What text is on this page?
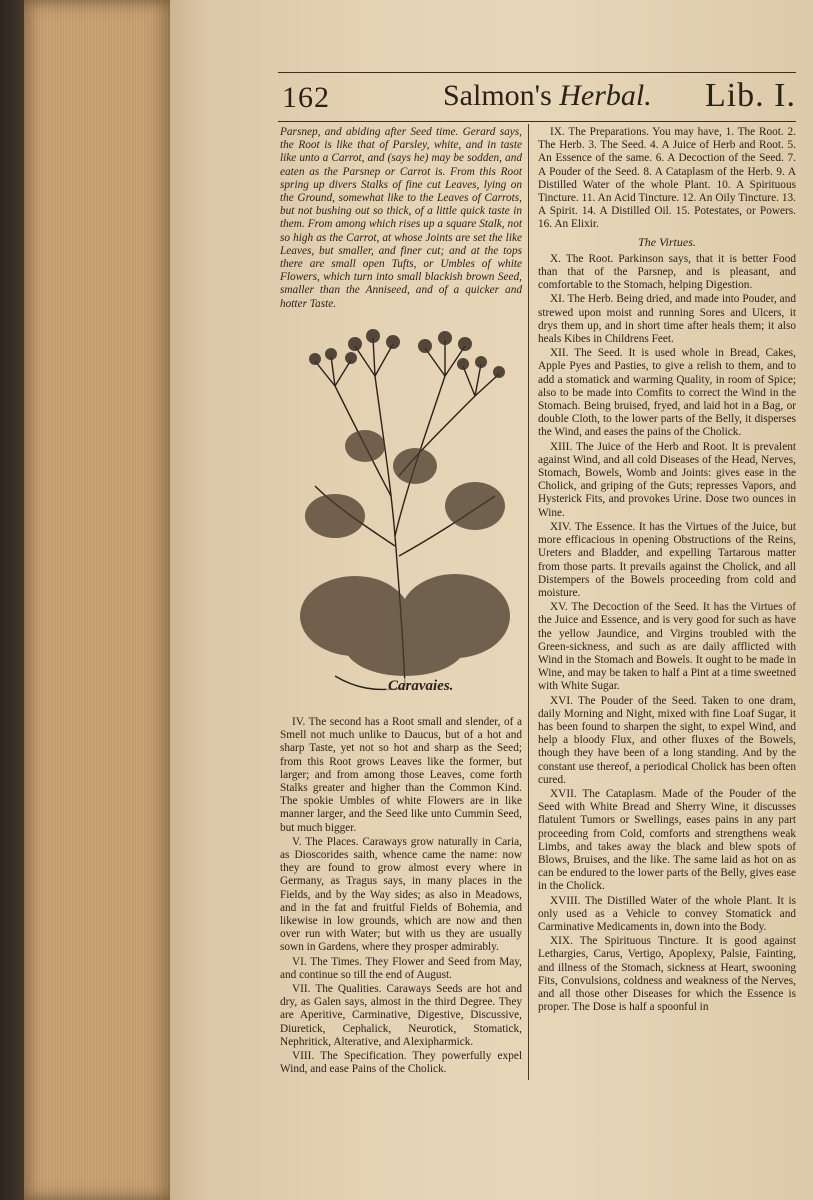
162	Salmon's Herbal. Lib. I.

Parsnep, and abiding after Seed time. Gerard says, the Root is like that of Parsley, white, and in taste like unto a Carrot, and (says he) may be sodden, and eaten as the Parsnep or Carrot is. From this Root spring up divers Stalks of fine cut Leaves, lying on the Ground, somewhat like to the Leaves of Carrots, but not bushing out so thick, of a little quick taste in them. From among which rises up a square Stalk, not so high as the Carrot, at whose Joints are set the like Leaves, but smaller, and finer cut; and at the tops there are small open Tufts, or Umbles of white Flowers, which turn into small blackish brown Seed, smaller than the Anniseed, and of a quicker and hotter Taste.

Caravaies.

IV. The second has a Root small and slender, of a Smell not much unlike to Daucus, but of a hot and sharp Taste, yet not so hot and sharp as the Seed; from this Root grows Leaves like the former, but larger; and from among those Leaves, come forth Stalks greater and higher than the Common Kind. The spokie Umbles of white Flowers are in like manner larger, and the Seed like unto Cummin Seed, but much bigger.

V. The Places. Caraways grow naturally in Caria, as Dioscorides saith, whence came the name: now they are found to grow almost every where in Germany, as Tragus says, in many places in the Fields, and by the Way sides; as also in Meadows, and in the fat and fruitful Fields of Bohemia, and likewise in low grounds, which are now and then over run with Water; but with us they are usually sown in Gardens, where they prosper admirably.

VI. The Times. They Flower and Seed from May, and continue so till the end of August.

VII. The Qualities. Caraways Seeds are hot and dry, as Galen says, almost in the third Degree. They are Aperitive, Carminative, Digestive, Discussive, Diuretick, Cephalick, Neurotick, Stomatick, Nephritick, Alterative, and Alexipharmick.

VIII. The Specification. They powerfully expel Wind, and ease Pains of the Cholick.

IX. The Preparations. You may have, 1. The Root. 2. The Herb. 3. The Seed. 4. A Juice of Herb and Root. 5. An Essence of the same. 6. A Decoction of the Seed. 7. A Pouder of the Seed. 8. A Cataplasm of the Herb. 9. A Distilled Water of the whole Plant. 10. A Spirituous Tincture. 11. An Acid Tincture. 12. An Oily Tincture. 13. A Spirit. 14. A Distilled Oil. 15. Potestates, or Powers. 16. An Elixir.

The Virtues.

X. The Root. Parkinson says, that it is better Food than that of the Parsnep, and is pleasant, and comfortable to the Stomach, helping Digestion.

XI. The Herb. Being dried, and made into Pouder, and strewed upon moist and running Sores and Ulcers, it drys them up, and in short time after heals them; it also heals Kibes in Childrens Feet.

XII. The Seed. It is used whole in Bread, Cakes, Apple Pyes and Pasties, to give a relish to them, and to add a stomatick and warming Quality, in room of Spice; also to be made into Comfits to correct the Wind in the Stomach. Being bruised, fryed, and laid hot in a Bag, or double Cloth, to the lower parts of the Belly, it disperses the Wind, and eases the pains of the Cholick.

XIII. The Juice of the Herb and Root. It is prevalent against Wind, and all cold Diseases of the Head, Nerves, Stomach, Bowels, Womb and Joints: gives ease in the Cholick, and griping of the Guts; represses Vapors, and Hysterick Fits, and provokes Urine. Dose two ounces in Wine.

XIV. The Essence. It has the Virtues of the Juice, but more efficacious in opening Obstructions of the Reins, Ureters and Bladder, and expelling Tartarous matter from those parts. It prevails against the Cholick, and all Distempers of the Bowels proceeding from cold and moisture.

XV. The Decoction of the Seed. It has the Virtues of the Juice and Essence, and is very good for such as have the yellow Jaundice, and Virgins troubled with the Green-sickness, and such as are daily afflicted with Wind in the Stomach and Bowels. It ought to be made in Wine, and may be taken to half a Pint at a time sweetned with White Sugar.

XVI. The Pouder of the Seed. Taken to one dram, daily Morning and Night, mixed with fine Loaf Sugar, it has been found to sharpen the sight, to expel Wind, and help a bloody Flux, and other fluxes of the Bowels, though they have been of a long standing. And by the constant use thereof, a periodical Cholick has been often cured.

XVII. The Cataplasm. Made of the Pouder of the Seed with White Bread and Sherry Wine, it discusses flatulent Tumors or Swellings, eases pains in any part proceeding from Cold, comforts and strengthens weak Limbs, and takes away the black and blew spots of Blows, Bruises, and the like. The same laid as hot on as can be endured to the lower parts of the Belly, gives ease in the Cholick.

XVIII. The Distilled Water of the whole Plant. It is only used as a Vehicle to convey Stomatick and Carminative Medicaments in, down into the Body.

XIX. The Spirituous Tincture. It is good against Lethargies, Carus, Vertigo, Apoplexy, Palsie, Fainting, and illness of the Stomach, sickness at Heart, swooning Fits, Convulsions, coldness and weakness of the Nerves, and all those other Diseases for which the Essence is proper. The Dose is half a spoonful in
